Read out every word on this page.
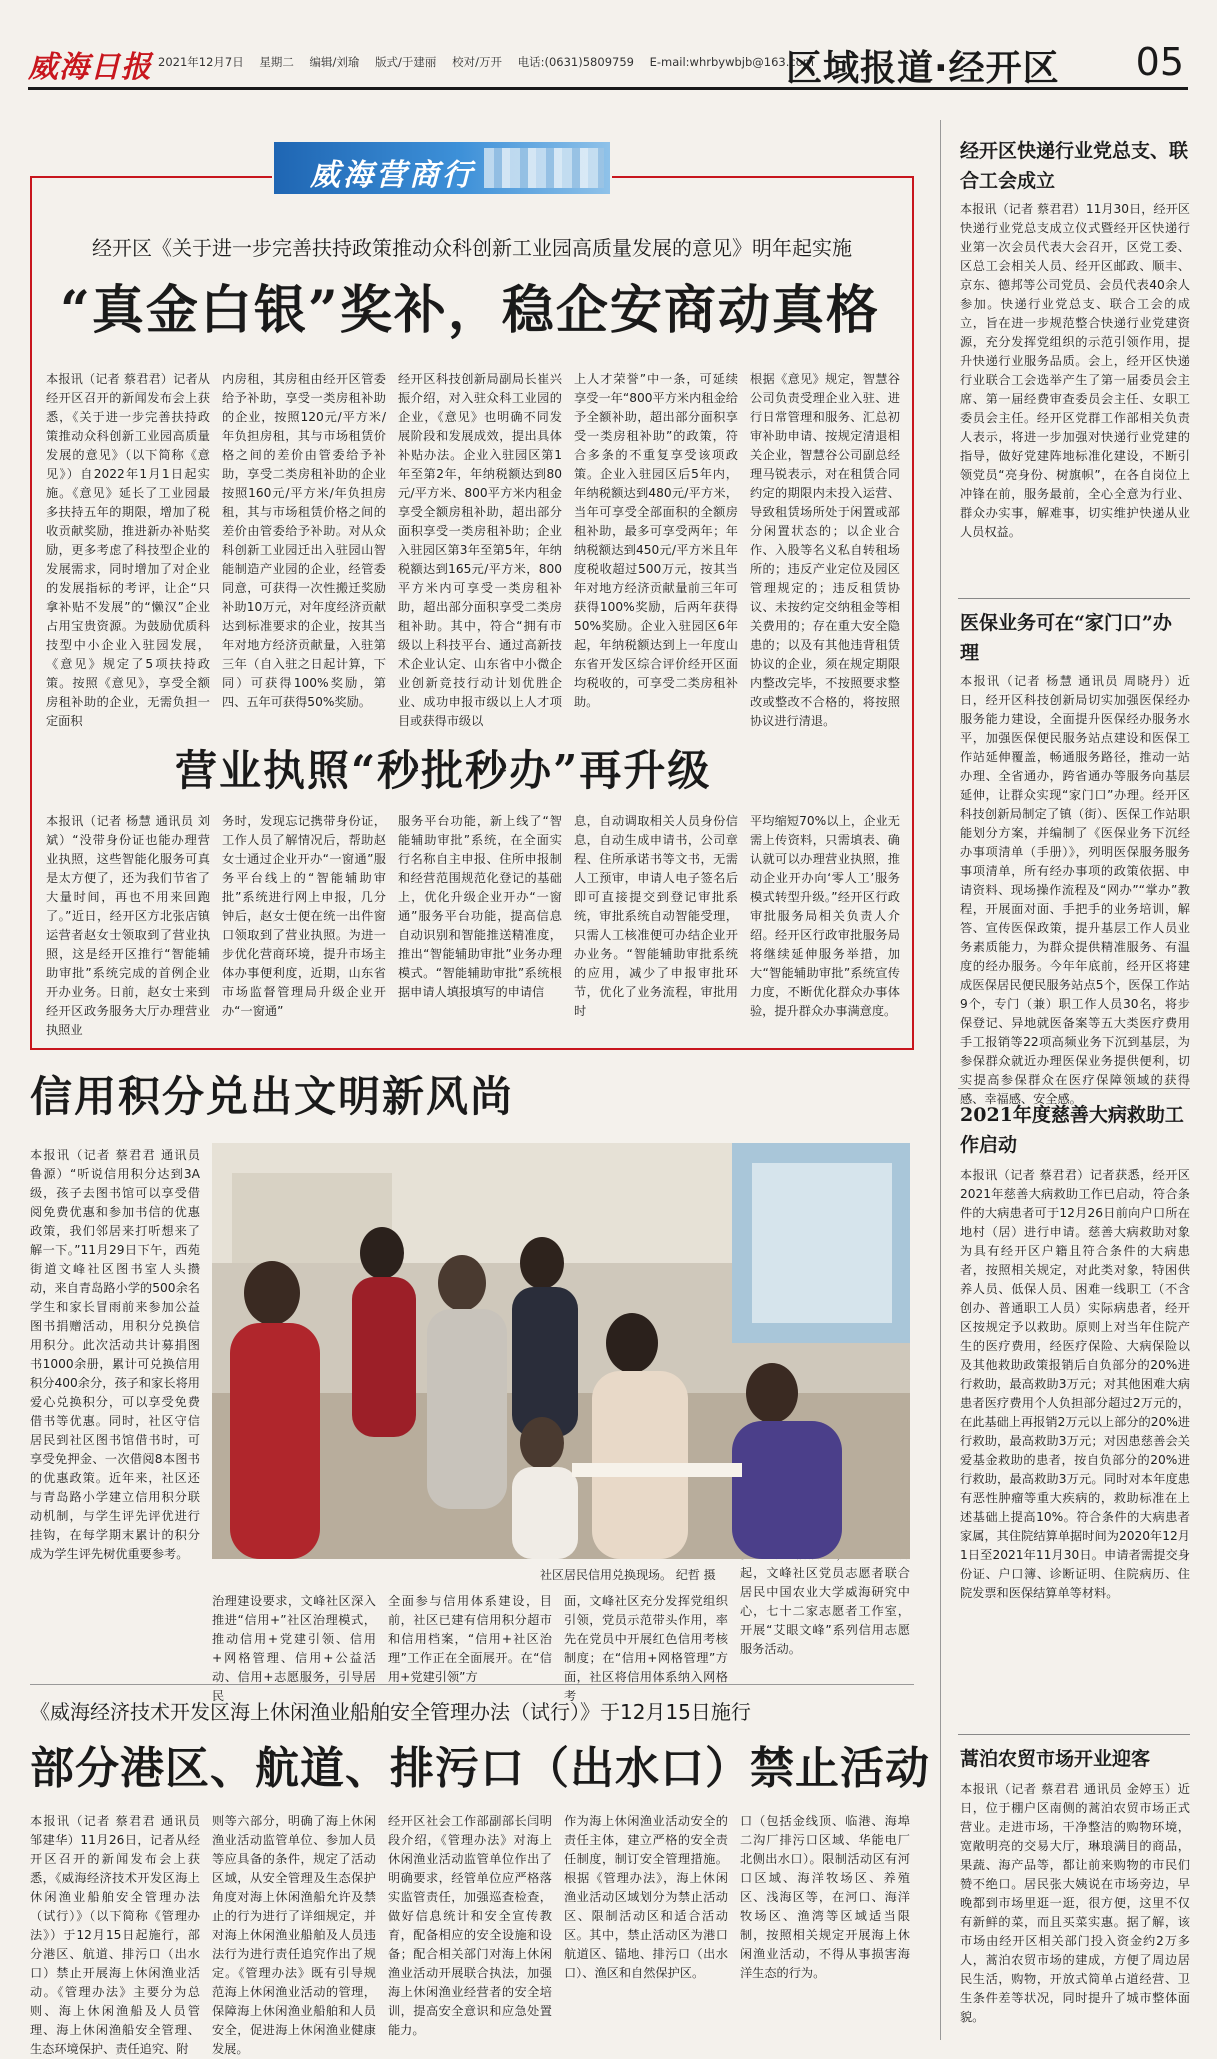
威海日报 2021年12月7日 星期二 编辑/刘瑜 版式/于建丽 校对/万开 电话:(0631)5809759 E-mail:whrbywbjb@163.com
区域报道·经开区 05
威海营商行
经开区《关于进一步完善扶持政策推动众科创新工业园高质量发展的意见》明年起实施
“真金白银”奖补，稳企安商动真格
本报讯（记者 蔡君君）记者从经开区召开的新闻发布会上获悉，《关于进一步完善扶持政策推动众科创新工业园高质量发展的意见》（以下简称《意见》）自2022年1月1日起实施。《意见》延长了工业园最多扶持五年的期限，增加了税收贡献奖励，推进新办补贴奖励，更多考虑了科技型企业的发展需求，同时增加了对企业的发展指标的考评，让企“只拿补贴不发展”的“懒汉”企业占用宝贵资源。为鼓励优质科技型中小企业入驻园发展，《意见》规定了5项扶持政策。按照《意见》，享受全额房租补助的企业，无需负担一定面积
内房租，其房租由经开区管委给予补助，享受一类房租补助的企业，按照120元/平方米/年负担房租，其与市场租赁价格之间的差价由管委给予补助，享受二类房租补助的企业按照160元/平方米/年负担房租，其与市场租赁价格之间的差价由管委给予补助。对从众科创新工业园迁出入驻园山智能制造产业园的企业，经管委同意，可获得一次性搬迁奖励补助10万元，对年度经济贡献达到标准要求的企业，按其当年对地方经济贡献量，入驻第三年（自入驻之日起计算，下同）可获得100%奖励，第四、五年可获得50%奖励。
经开区科技创新局副局长崔兴振介绍，对入驻众科工业园的企业，《意见》也明确不同发展阶段和发展成效，提出具体补贴办法。企业入驻园区第1年至第2年，年纳税额达到80元/平方米、800平方米内租金享受全额房租补助，超出部分面积享受一类房租补助；企业入驻园区第3年至第5年，年纳税额达到165元/平方米，800平方米内可享受一类房租补助，超出部分面积享受二类房租补助。其中，符合“拥有市级以上科技平台、通过高新技术企业认定、山东省中小微企业创新竞技行动计划优胜企业、成功申报市级以上人才项目或获得市级以
上人才荣誉”中一条，可延续享受一年“800平方米内租金给予全额补助，超出部分面积享受一类房租补助”的政策，符合多条的不重复享受该项政策。企业入驻园区后5年内，年纳税额达到480元/平方米，当年可享受全部面积的全额房租补助，最多可享受两年；年纳税额达到450元/平方米且年度税收超过500万元，按其当年对地方经济贡献量前三年可获得100%奖励，后两年获得50%奖励。企业入驻园区6年起，年纳税额达到上一年度山东省开发区综合评价经开区面均税收的，可享受二类房租补助。
根据《意见》规定，智慧谷公司负责受理企业入驻、进行日常管理和服务、汇总初审补助申请、按规定清退相关企业，智慧谷公司副总经理马锐表示，对在租赁合同约定的期限内未投入运营、导致租赁场所处于闲置或部分闲置状态的；以企业合作、入股等名义私自转租场所的；违反产业定位及园区管理规定的；违反租赁协议、未按约定交纳租金等相关费用的；存在重大安全隐患的；以及有其他违背租赁协议的企业，须在规定期限内整改完毕，不按照要求整改或整改不合格的，将按照协议进行清退。
营业执照“秒批秒办”再升级
本报讯（记者 杨慧 通讯员 刘斌）“没带身份证也能办理营业执照，这些智能化服务可真是太方便了，还为我们节省了大量时间，再也不用来回跑了。”近日，经开区方北张店镇运营者赵女士领取到了营业执照，这是经开区推行“智能辅助审批”系统完成的首例企业开办业务。日前，赵女士来到经开区政务服务大厅办理营业执照业
务时，发现忘记携带身份证，工作人员了解情况后，帮助赵女士通过企业开办“一窗通”服务平台线上的“智能辅助审批”系统进行网上申报，几分钟后，赵女士便在统一出件窗口领取到了营业执照。为进一步优化营商环境，提升市场主体办事便利度，近期，山东省市场监督管理局升级企业开办“一窗通”
服务平台功能，新上线了“智能辅助审批”系统，在全面实行名称自主申报、住所申报制和经营范围规范化登记的基础上，优化升级企业开办“一窗通”服务平台功能，提高信息自动识别和智能推送精准度，推出“智能辅助审批”业务办理模式。“智能辅助审批”系统根据申请人填报填写的申请信
息，自动调取相关人员身份信息，自动生成申请书，公司章程、住所承诺书等文书，无需人工预审，申请人电子签名后即可直接提交到登记审批系统，审批系统自动智能受理，只需人工核准便可办结企业开办业务。“智能辅助审批系统的应用，减少了申报审批环节，优化了业务流程，审批用时
平均缩短70%以上，企业无需上传资料，只需填表、确认就可以办理营业执照，推动企业开办向‘零人工’服务模式转型升级。”经开区行政审批服务局相关负责人介绍。经开区行政审批服务局将继续延伸服务举措，加大“智能辅助审批”系统宣传力度，不断优化群众办事体验，提升群众办事满意度。
信用积分兑出文明新风尚
本报讯（记者 蔡君君 通讯员 鲁源）“听说信用积分达到3A级，孩子去图书馆可以享受借阅免费优惠和参加书信的优惠政策，我们邻居来打听想来了解一下。”11月29日下午，西苑街道文峰社区图书室人头攒动，来自青岛路小学的500余名学生和家长冒雨前来参加公益图书捐赠活动，用积分兑换信用积分。此次活动共计募捐图书1000余册，累计可兑换信用积分400余分，孩子和家长将用爱心兑换积分，可以享受免费借书等优惠。同时，社区守信居民到社区图书馆借书时，可享受免押金、一次借阅8本图书的优惠政策。近年来，社区还与青岛路小学建立信用积分联动机制，与学生评先评优进行挂钩，在每学期末累计的积分成为学生评先树优重要参考。
治理建设要求，文峰社区深入推进“信用+”社区治理模式，推动信用+党建引领、信用+网格管理、信用+公益活动、信用+志愿服务，引导居民
全面参与信用体系建设，目前，社区已建有信用积分超市和信用档案，“信用+社区治理”工作正在全面展开。在“信用+党建引领”方
面，文峰社区充分发挥党组织引领，党员示范带头作用，率先在党员中开展红色信用考核制度；在“信用+网格管理”方面，社区将信用体系纳入网格考
起，文峰社区党员志愿者联合居民中国农业大学威海研究中心，七十二家志愿者工作室，开展“艾眼文峰”系列信用志愿服务活动。
社区居民信用兑换现场。 纪哲 摄
《威海经济技术开发区海上休闲渔业船舶安全管理办法（试行）》于12月15日施行
部分港区、航道、排污口（出水口）禁止活动
本报讯（记者 蔡君君 通讯员 邹建华）11月26日，记者从经开区召开的新闻发布会上获悉，《威海经济技术开发区海上休闲渔业船舶安全管理办法（试行）》（以下简称《管理办法》）于12月15日起施行，部分港区、航道、排污口（出水口）禁止开展海上休闲渔业活动。《管理办法》主要分为总则、海上休闲渔船及人员管理、海上休闲渔船安全管理、生态环境保护、责任追究、附
则等六部分，明确了海上休闲渔业活动监管单位、参加人员等应具备的条件，规定了活动区域，从安全管理及生态保护角度对海上休闲渔船允许及禁止的行为进行了详细规定，并对海上休闲渔业船舶及人员违法行为进行责任追究作出了规定。《管理办法》既有引导规范海上休闲渔业活动的管理，保障海上休闲渔业船舶和人员安全，促进海上休闲渔业健康发展。
经开区社会工作部副部长闫明段介绍，《管理办法》对海上休闲渔业活动监管单位作出了明确要求，经管单位应严格落实监管责任，加强巡查检查，做好信息统计和安全宣传教育，配备相应的安全设施和设备；配合相关部门对海上休闲渔业活动开展联合执法，加强海上休闲渔业经营者的安全培训，提高安全意识和应急处置能力。
作为海上休闲渔业活动安全的责任主体，建立严格的安全责任制度，制订安全管理措施。根据《管理办法》，海上休闲渔业活动区域划分为禁止活动区、限制活动区和适合活动区。其中，禁止活动区为港口航道区、锚地、排污口（出水口）、渔区和自然保护区。
口（包括金线顶、临港、海埠二沟厂排污口区域、华能电厂北侧出水口）。限制活动区有河口区域、海洋牧场区、养殖区、浅海区等，在河口、海洋牧场区、渔湾等区域适当限制，按照相关规定开展海上休闲渔业活动，不得从事损害海洋生态的行为。
经开区快递行业党总支、联合工会成立
本报讯（记者 蔡君君）11月30日，经开区快递行业党总支成立仪式暨经开区快递行业第一次会员代表大会召开，区党工委、区总工会相关人员、经开区邮政、顺丰、京东、德邦等公司党员、会员代表40余人参加。快递行业党总支、联合工会的成立，旨在进一步规范整合快递行业党建资源，充分发挥党组织的示范引领作用，提升快递行业服务品质。会上，经开区快递行业联合工会选举产生了第一届委员会主席、第一届经费审查委员会主任、女职工委员会主任。经开区党群工作部相关负责人表示，将进一步加强对快递行业党建的指导，做好党建阵地标准化建设，不断引领党员“亮身份、树旗帜”，在各自岗位上冲锋在前，服务最前，全心全意为行业、群众办实事，解难事，切实维护快递从业人员权益。
医保业务可在“家门口”办理
本报讯（记者 杨慧 通讯员 周晓丹）近日，经开区科技创新局切实加强医保经办服务能力建设，全面提升医保经办服务水平，加强医保便民服务站点建设和医保工作站延伸覆盖，畅通服务路径，推动一站办理、全省通办，跨省通办等服务向基层延伸，让群众实现“家门口”办理。经开区科技创新局制定了镇（街）、医保工作站职能划分方案，并编制了《医保业务下沉经办事项清单（手册）》，列明医保服务服务事项清单，所有经办事项的政策依据、申请资料、现场操作流程及“网办”“掌办”教程，开展面对面、手把手的业务培训，解答、宣传医保政策，提升基层工作人员业务素质能力，为群众提供精准服务、有温度的经办服务。今年年底前，经开区将建成医保居民便民服务站点5个，医保工作站9个，专门（兼）职工作人员30名，将步保登记、异地就医备案等五大类医疗费用手工报销等22项高频业务下沉到基层，为参保群众就近办理医保业务提供便利，切实提高参保群众在医疗保障领域的获得感、幸福感、安全感。
2021年度慈善大病救助工作启动
本报讯（记者 蔡君君）记者获悉，经开区2021年慈善大病救助工作已启动，符合条件的大病患者可于12月26日前向户口所在地村（居）进行申请。慈善大病救助对象为具有经开区户籍且符合条件的大病患者，按照相关规定，对此类对象，特困供养人员、低保人员、困难一线职工（不含创办、普通职工人员）实际病患者，经开区按规定予以救助。原则上对当年住院产生的医疗费用，经医疗保险、大病保险以及其他救助政策报销后自负部分的20%进行救助，最高救助3万元；对其他困难大病患者医疗费用个人负担部分超过2万元的，在此基础上再报销2万元以上部分的20%进行救助，最高救助3万元；对因患慈善会关爱基金救助的患者，按自负部分的20%进行救助，最高救助3万元。同时对本年度患有恶性肿瘤等重大疾病的，救助标准在上述基础上提高10%。符合条件的大病患者家属，其住院结算单据时间为2020年12月1日至2021年11月30日。申请者需提交身份证、户口簿、诊断证明、住院病历、住院发票和医保结算单等材料。
蒿泊农贸市场开业迎客
本报讯（记者 蔡君君 通讯员 金婷玉）近日，位于棚户区南侧的蒿泊农贸市场正式营业。走进市场，干净整洁的购物环境，宽敞明亮的交易大厅，琳琅满目的商品，果蔬、海产品等，都让前来购物的市民们赞不绝口。居民张大姨说在市场旁边，早晚都到市场里逛一逛，很方便，这里不仅有新鲜的菜，而且买菜实惠。据了解，该市场由经开区相关部门投入资金约2万多人，蒿泊农贸市场的建成，方便了周边居民生活，购物，开放式简单占道经营、卫生条件差等状况，同时提升了城市整体面貌。
